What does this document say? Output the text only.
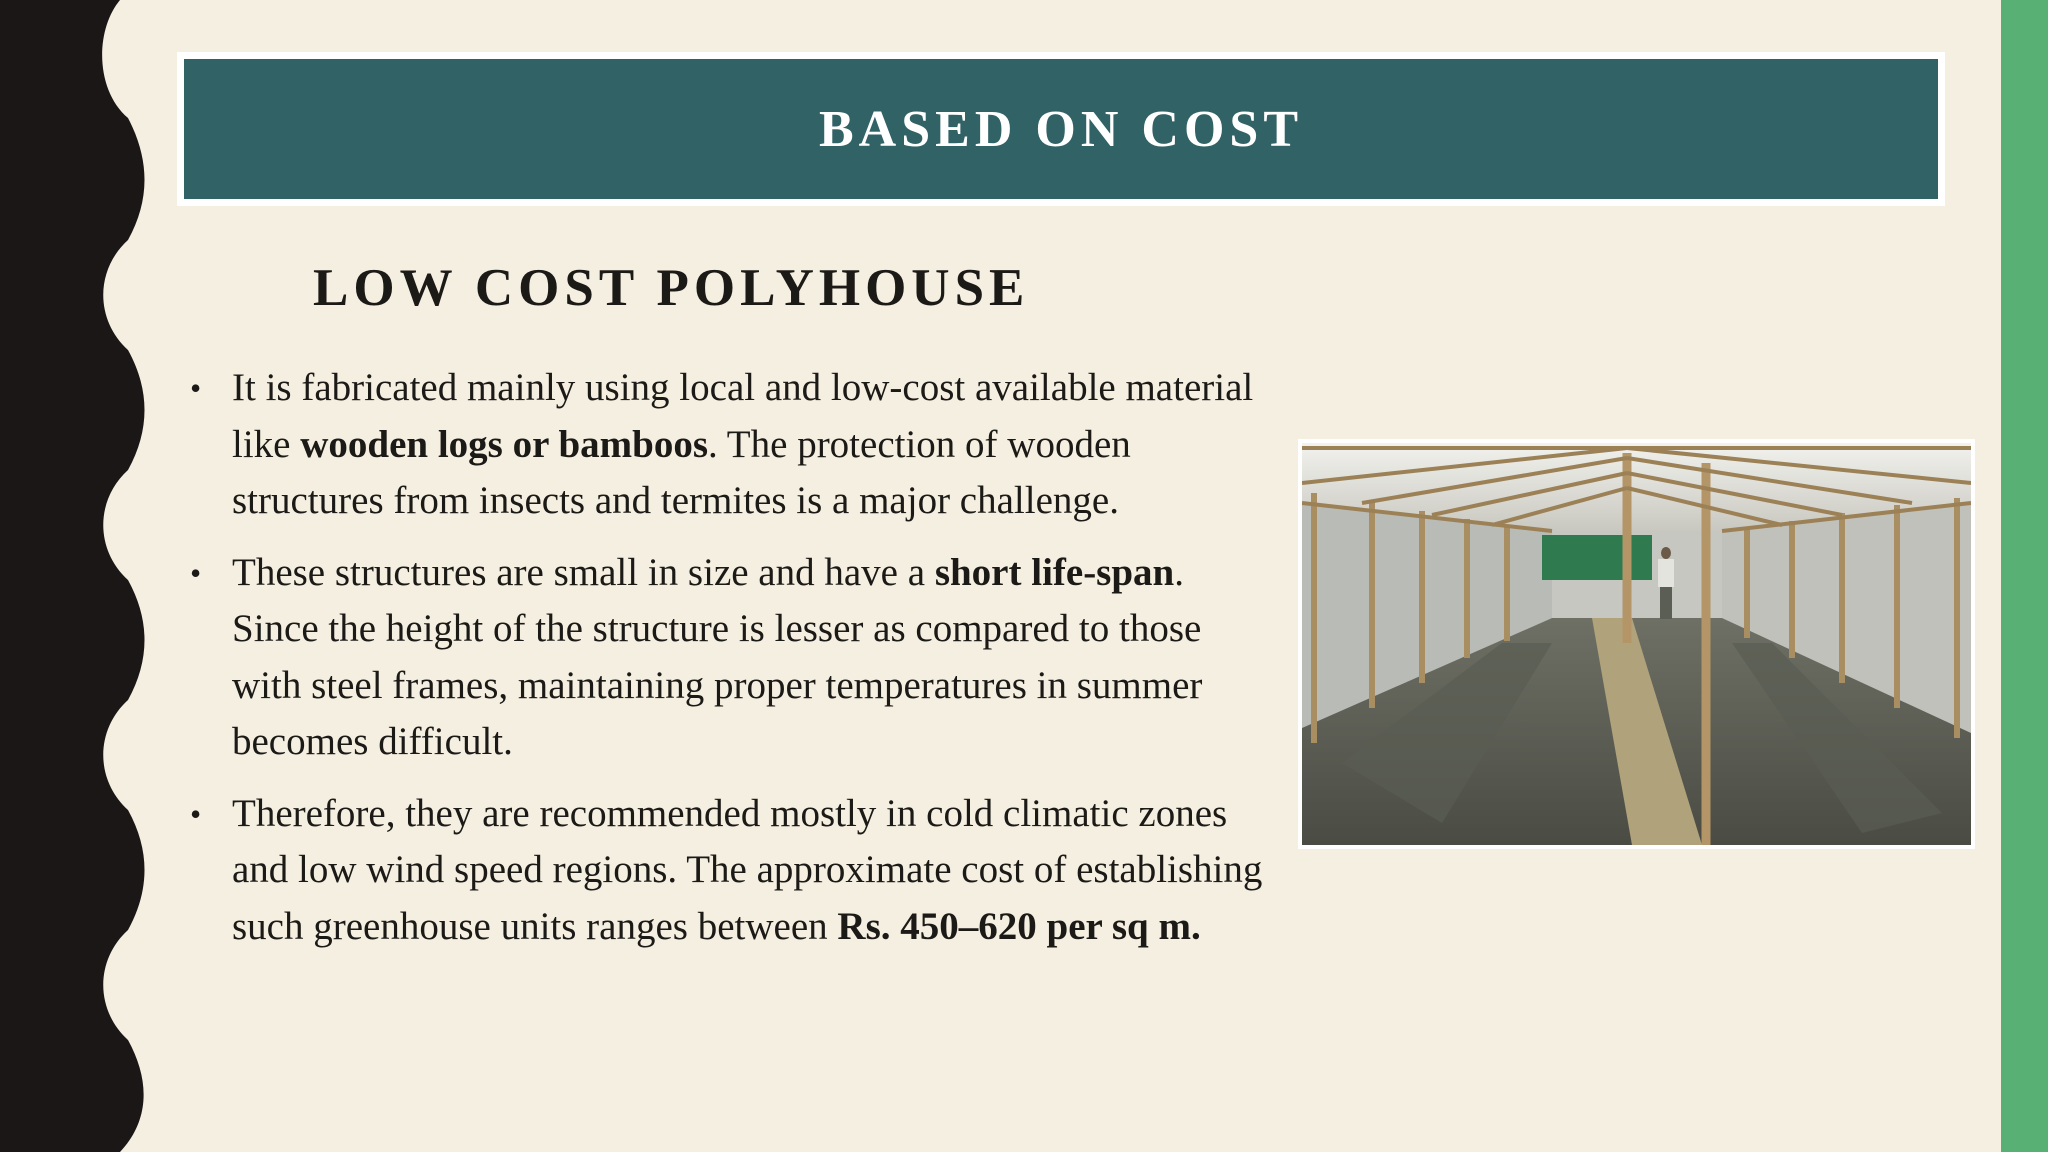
BASED ON COST
LOW COST POLYHOUSE
• It is fabricated mainly using local and low-cost available material like wooden logs or bamboos. The protection of wooden structures from insects and termites is a major challenge.
• These structures are small in size and have a short life-span. Since the height of the structure is lesser as compared to those with steel frames, maintaining proper temperatures in summer becomes difficult.
• Therefore, they are recommended mostly in cold climatic zones and low wind speed regions. The approximate cost of establishing such greenhouse units ranges between Rs. 450–620 per sq m.
